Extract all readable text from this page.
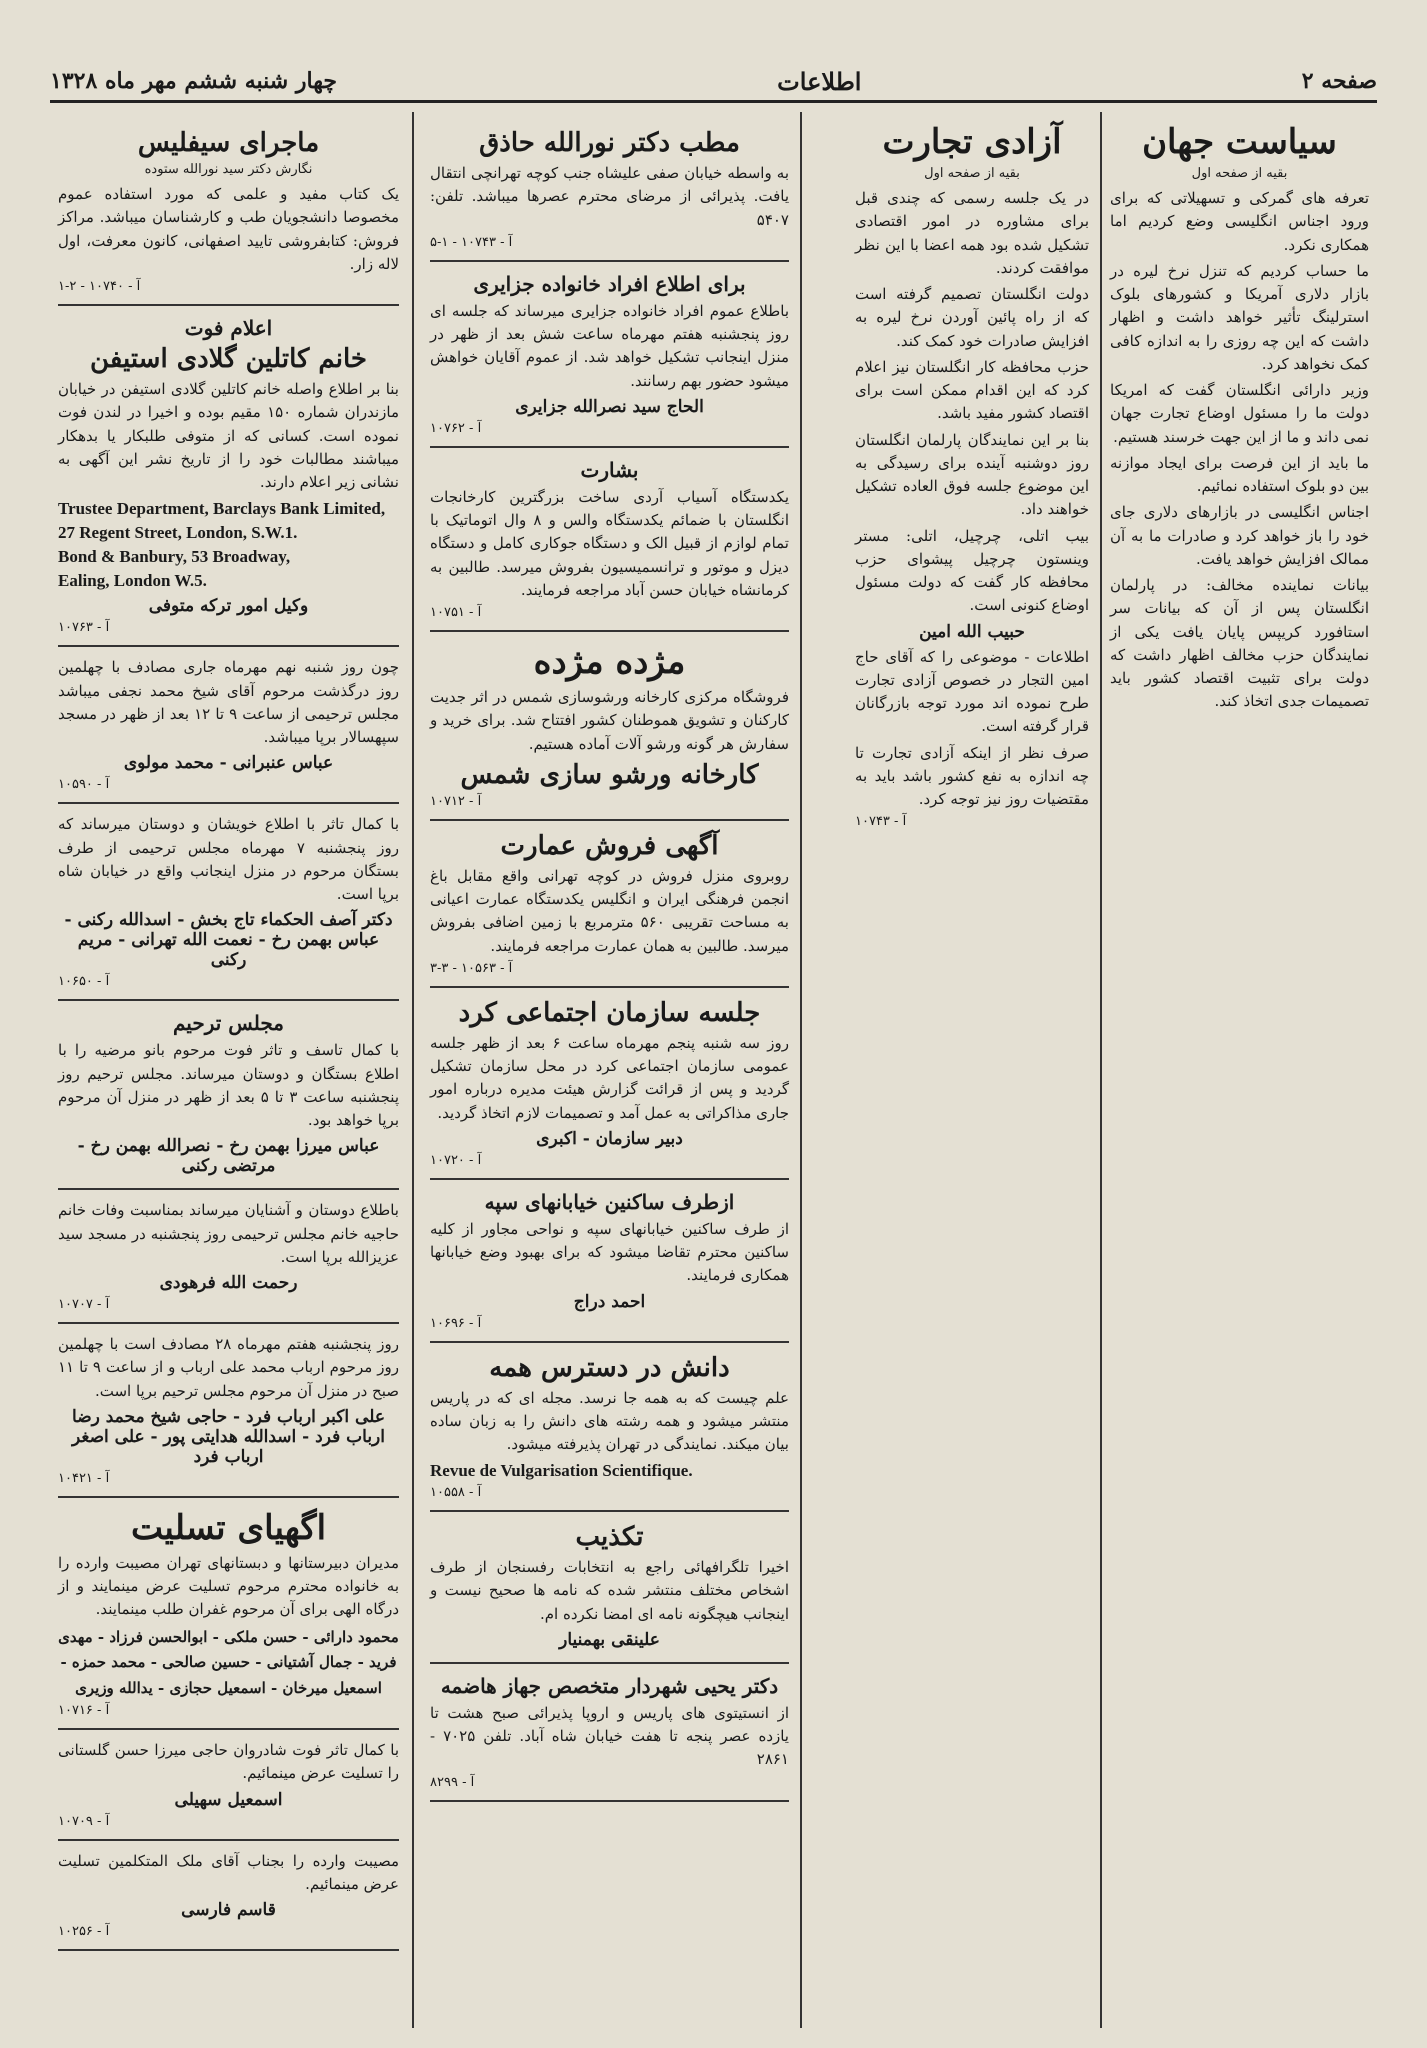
صفحه ۲
اطلاعات
چهار شنبه ششم مهر ماه ۱۳۲۸
سیاست جهان
بقیه از صفحه اول

تعرفه های گمرکی و تسهیلاتی که برای ورود اجناس انگلیسی وضع کردیم اما همکاری نکرد.

ما حساب کردیم که تنزل نرخ لیره در بازار دلاری آمریکا و کشورهای بلوک استرلینگ تأثیر خواهد داشت و اظهار داشت که این چه روزی را به اندازه کافی کمک نخواهد کرد.

وزیر دارائی انگلستان گفت که امریکا دولت ما را مسئول اوضاع تجارت جهان نمی داند و ما از این جهت خرسند هستیم.

ما باید از این فرصت برای ایجاد موازنه بین دو بلوک استفاده نمائیم.

اجناس انگلیسی در بازارهای دلاری جای خود را باز خواهد کرد و صادرات ما به آن ممالک افزایش خواهد یافت.

بیانات نماینده مخالف: در پارلمان انگلستان پس از آن که بیانات سر استافورد کریپس پایان یافت یکی از نمایندگان حزب مخالف اظهار داشت که دولت برای تثبیت اقتصاد کشور باید تصمیمات جدی اتخاذ کند.

آزادی تجارت
بقیه از صفحه اول

در یک جلسه رسمی که چندی قبل برای مشاوره در امور اقتصادی تشکیل شده بود همه اعضا با این نظر موافقت کردند.

دولت انگلستان تصمیم گرفته است که از راه پائین آوردن نرخ لیره به افزایش صادرات خود کمک کند.

حزب محافظه کار انگلستان نیز اعلام کرد که این اقدام ممکن است برای اقتصاد کشور مفید باشد.

بنا بر این نمایندگان پارلمان انگلستان روز دوشنبه آینده برای رسیدگی به این موضوع جلسه فوق العاده تشکیل خواهند داد.

بیب اتلی، چرچیل، اتلی: مستر وینستون چرچیل پیشوای حزب محافظه کار گفت که دولت مسئول اوضاع کنونی است.

حبیب الله امین

اطلاعات - موضوعی را که آقای حاج امین التجار در خصوص آزادی تجارت طرح نموده اند مورد توجه بازرگانان قرار گرفته است.

صرف نظر از اینکه آزادی تجارت تا چه اندازه به نفع کشور باشد باید به مقتضیات روز نیز توجه کرد.

آ - ۱۰۷۴۳
مطب دکتر نورالله حاذق

به واسطه خیابان صفی علیشاه جنب کوچه تهرانچی انتقال یافت. پذیرائی از مرضای محترم عصرها میباشد. تلفن: ۵۴۰۷

آ - ۱۰۷۴۳ - ۱-۵
برای اطلاع افراد خانواده جزایری

باطلاع عموم افراد خانواده جزایری میرساند که جلسه ای روز پنجشنبه هفتم مهرماه ساعت شش بعد از ظهر در منزل اینجانب تشکیل خواهد شد. از عموم آقایان خواهش میشود حضور بهم رسانند.

الحاج سید نصرالله جزایری
آ - ۱۰۷۶۲
بشارت

یکدستگاه آسیاب آردی ساخت بزرگترین کارخانجات انگلستان با ضمائم یکدستگاه والس و ۸ وال اتوماتیک با تمام لوازم از قبیل الک و دستگاه جوکاری کامل و دستگاه دیزل و موتور و ترانسمیسیون بفروش میرسد. طالبین به کرمانشاه خیابان حسن آباد مراجعه فرمایند.

آ - ۱۰۷۵۱
مژده مژده

فروشگاه مرکزی کارخانه ورشوسازی شمس در اثر جدیت کارکنان و تشویق هموطنان کشور افتتاح شد. برای خرید و سفارش هر گونه ورشو آلات آماده هستیم.

کارخانه ورشو سازی شمس
آ - ۱۰۷۱۲
آگهی فروش عمارت

روبروی منزل فروش در کوچه تهرانی واقع مقابل باغ انجمن فرهنگی ایران و انگلیس یکدستگاه عمارت اعیانی به مساحت تقریبی ۵۶۰ مترمربع با زمین اضافی بفروش میرسد. طالبین به همان عمارت مراجعه فرمایند.

آ - ۱۰۵۶۳ - ۳-۳
جلسه سازمان اجتماعی کرد

روز سه شنبه پنجم مهرماه ساعت ۶ بعد از ظهر جلسه عمومی سازمان اجتماعی کرد در محل سازمان تشکیل گردید و پس از قرائت گزارش هیئت مدیره درباره امور جاری مذاکراتی به عمل آمد و تصمیمات لازم اتخاذ گردید.

دبیر سازمان - اکبری
آ - ۱۰۷۲۰
ازطرف ساکنین خیابانهای سپه

از طرف ساکنین خیابانهای سپه و نواحی مجاور از کلیه ساکنین محترم تقاضا میشود که برای بهبود وضع خیابانها همکاری فرمایند.

احمد دراج
آ - ۱۰۶۹۶
دانش در دسترس همه

علم چیست که به همه جا نرسد. مجله ای که در پاریس منتشر میشود و همه رشته های دانش را به زبان ساده بیان میکند. نمایندگی در تهران پذیرفته میشود.

Revue de Vulgarisation Scientifique.
آ - ۱۰۵۵۸
تکذیب

اخیرا تلگرافهائی راجع به انتخابات رفسنجان از طرف اشخاص مختلف منتشر شده که نامه ها صحیح نیست و اینجانب هیچگونه نامه ای امضا نکرده ام.

علینقی بهمنیار
دکتر یحیی شهردار متخصص جهاز هاضمه

از انستیتوی های پاریس و اروپا پذیرائی صبح هشت تا یازده عصر پنجه تا هفت خیابان شاه آباد. تلفن ۷۰۲۵ - ۲۸۶۱

آ - ۸۲۹۹
ماجرای سیفلیس
نگارش دکتر سید نورالله ستوده

یک کتاب مفید و علمی که مورد استفاده عموم مخصوصا دانشجویان طب و کارشناسان میباشد. مراکز فروش: کتابفروشی تایید اصفهانی، کانون معرفت، اول لاله زار.

آ - ۱۰۷۴۰ - ۲-۱
اعلام فوت
خانم کاتلین گلادی استیفن

بنا بر اطلاع واصله خانم کاتلین گلادی استیفن در خیابان مازندران شماره ۱۵۰ مقیم بوده و اخیرا در لندن فوت نموده است. کسانی که از متوفی طلبکار یا بدهکار میباشند مطالبات خود را از تاریخ نشر این آگهی به نشانی زیر اعلام دارند.

Trustee Department, Barclays Bank Limited,
27 Regent Street, London, S.W.1.
Bond & Banbury, 53 Broadway,
Ealing, London W.5.
وکیل امور ترکه متوفی
آ - ۱۰۷۶۳

چون روز شنبه نهم مهرماه جاری مصادف با چهلمین روز درگذشت مرحوم آقای شیخ محمد نجفی میباشد مجلس ترحیمی از ساعت ۹ تا ۱۲ بعد از ظهر در مسجد سپهسالار برپا میباشد.

عباس عنبرانی - محمد مولوی
آ - ۱۰۵۹۰

با کمال تاثر با اطلاع خویشان و دوستان میرساند که روز پنجشنبه ۷ مهرماه مجلس ترحیمی از طرف بستگان مرحوم در منزل اینجانب واقع در خیابان شاه برپا است.

دکتر آصف الحکماء تاج بخش - اسدالله رکنی - عباس بهمن رخ - نعمت الله تهرانی - مریم رکنی
آ - ۱۰۶۵۰
مجلس ترحیم

با کمال تاسف و تاثر فوت مرحوم بانو مرضیه را با اطلاع بستگان و دوستان میرساند. مجلس ترحیم روز پنجشنبه ساعت ۳ تا ۵ بعد از ظهر در منزل آن مرحوم برپا خواهد بود.

عباس میرزا بهمن رخ - نصرالله بهمن رخ - مرتضی رکنی

باطلاع دوستان و آشنایان میرساند بمناسبت وفات خانم حاجیه خانم مجلس ترحیمی روز پنجشنبه در مسجد سید عزیزالله برپا است.

رحمت الله فرهودی
آ - ۱۰۷۰۷

روز پنجشنبه هفتم مهرماه ۲۸ مصادف است با چهلمین روز مرحوم ارباب محمد علی ارباب و از ساعت ۹ تا ۱۱ صبح در منزل آن مرحوم مجلس ترحیم برپا است.

علی اکبر ارباب فرد - حاجی شیخ محمد رضا ارباب فرد - اسدالله هدایتی پور - علی اصغر ارباب فرد
آ - ۱۰۴۲۱
اگهیای تسلیت

مدیران دبیرستانها و دبستانهای تهران مصیبت وارده را به خانواده محترم مرحوم تسلیت عرض مینمایند و از درگاه الهی برای آن مرحوم غفران طلب مینمایند.

محمود دارائی - حسن ملکی - ابوالحسن فرزاد - مهدی فرید - جمال آشتیانی - حسین صالحی - محمد حمزه - اسمعیل میرخان - اسمعیل حجازی - یدالله وزیری
آ - ۱۰۷۱۶

با کمال تاثر فوت شادروان حاجی میرزا حسن گلستانی را تسلیت عرض مینمائیم.

اسمعیل سهیلی
آ - ۱۰۷۰۹

مصیبت وارده را بجناب آقای ملک المتکلمین تسلیت عرض مینمائیم.

قاسم فارسی
آ - ۱۰۲۵۶
